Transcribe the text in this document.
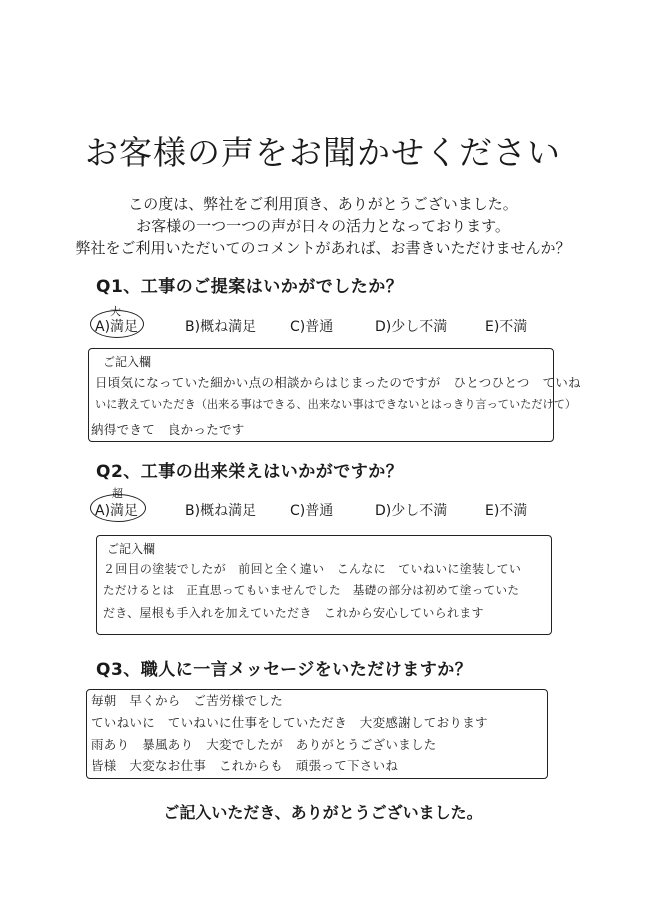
お客様の声をお聞かせください
この度は、弊社をご利用頂き、ありがとうございました。
お客様の一つ一つの声が日々の活力となっております。
弊社をご利用いただいてのコメントがあれば、お書きいただけませんか？
Q1、工事のご提案はいかがでしたか？
A)満足	B)概ね満足 C)普通	D)少し不満	E)不満
大
ご記入欄
日頃気になっていた細かい点の相談からはじまったのですが　ひとつひとつ　ていね
いに教えていただき（出来る事はできる、出来ない事はできないとはっきり言っていただけて）
納得できて　良かったです
Q2、工事の出来栄えはいかがですか？
A)満足	B)概ね満足 C)普通	D)少し不満	E)不満
超
ご記入欄
２回目の塗装でしたが　前回と全く違い　こんなに　ていねいに塗装してい
ただけるとは　正直思ってもいませんでした　基礎の部分は初めて塗っていた
だき、屋根も手入れを加えていただき　これから安心していられます
Q3、職人に一言メッセージをいただけますか？
毎朝　早くから　ご苦労様でした
ていねいに　ていねいに仕事をしていただき　大変感謝しております
雨あり　暴風あり　大変でしたが　ありがとうございました
皆様　大変なお仕事　これからも　頑張って下さいね
ご記入いただき、ありがとうございました。
